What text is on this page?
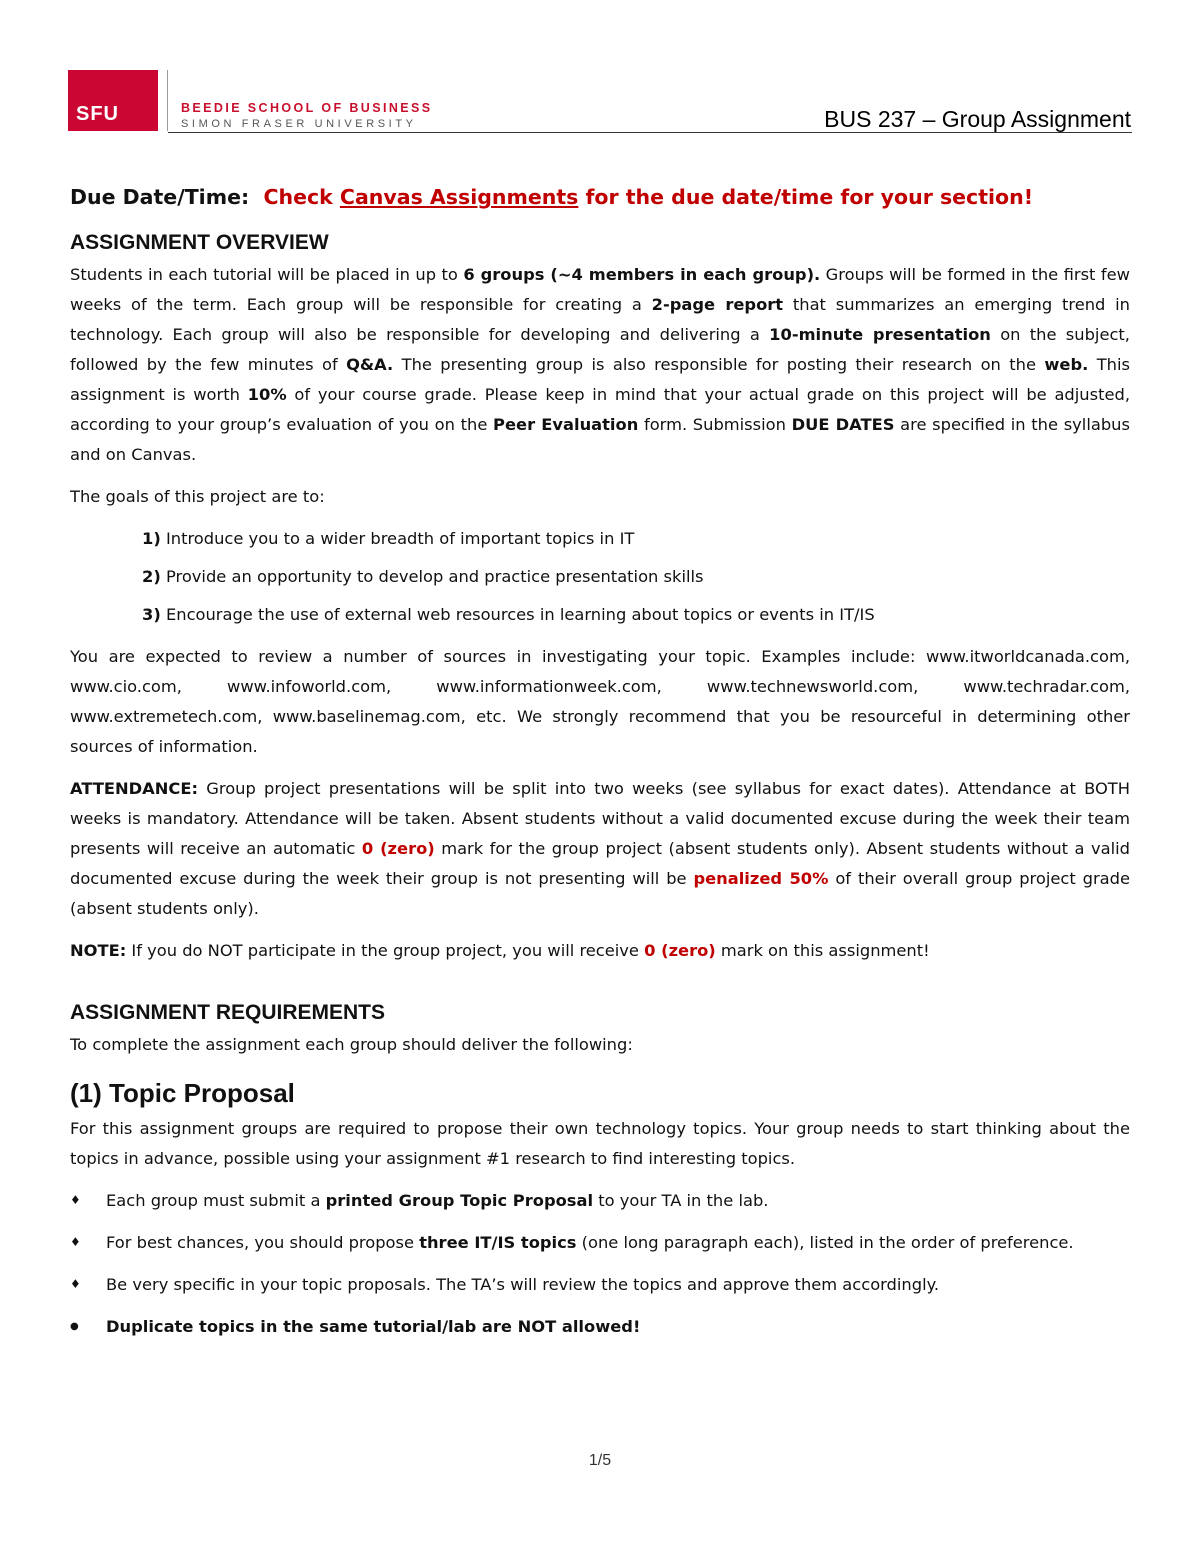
SFU	BEEDIE SCHOOL OF BUSINESS
SIMON FRASER UNIVERSITY	BUS 237 – Group Assignment

Due Date/Time: Check Canvas Assignments for the due date/time for your section!

ASSIGNMENT OVERVIEW

Students in each tutorial will be placed in up to 6 groups (~4 members in each group). Groups will be formed in the first few weeks of the term. Each group will be responsible for creating a 2-page report that summarizes an emerging trend in technology. Each group will also be responsible for developing and delivering a 10-minute presentation on the subject, followed by the few minutes of Q&A. The presenting group is also responsible for posting their research on the web. This assignment is worth 10% of your course grade. Please keep in mind that your actual grade on this project will be adjusted, according to your group’s evaluation of you on the Peer Evaluation form. Submission DUE DATES are specified in the syllabus and on Canvas.

The goals of this project are to:

1) Introduce you to a wider breadth of important topics in IT
2) Provide an opportunity to develop and practice presentation skills
3) Encourage the use of external web resources in learning about topics or events in IT/IS

You are expected to review a number of sources in investigating your topic. Examples include: www.itworldcanada.com, www.cio.com, www.infoworld.com, www.informationweek.com, www.technewsworld.com, www.techradar.com, www.extremetech.com, www.baselinemag.com, etc. We strongly recommend that you be resourceful in determining other sources of information.

ATTENDANCE: Group project presentations will be split into two weeks (see syllabus for exact dates). Attendance at BOTH weeks is mandatory. Attendance will be taken. Absent students without a valid documented excuse during the week their team presents will receive an automatic 0 (zero) mark for the group project (absent students only). Absent students without a valid documented excuse during the week their group is not presenting will be penalized 50% of their overall group project grade (absent students only).

NOTE: If you do NOT participate in the group project, you will receive 0 (zero) mark on this assignment!

ASSIGNMENT REQUIREMENTS

To complete the assignment each group should deliver the following:

(1) Topic Proposal

For this assignment groups are required to propose their own technology topics. Your group needs to start thinking about the topics in advance, possible using your assignment #1 research to find interesting topics.

♦ Each group must submit a printed Group Topic Proposal to your TA in the lab.
♦ For best chances, you should propose three IT/IS topics (one long paragraph each), listed in the order of preference.
♦ Be very specific in your topic proposals. The TA’s will review the topics and approve them accordingly.
● Duplicate topics in the same tutorial/lab are NOT allowed!
1/5
